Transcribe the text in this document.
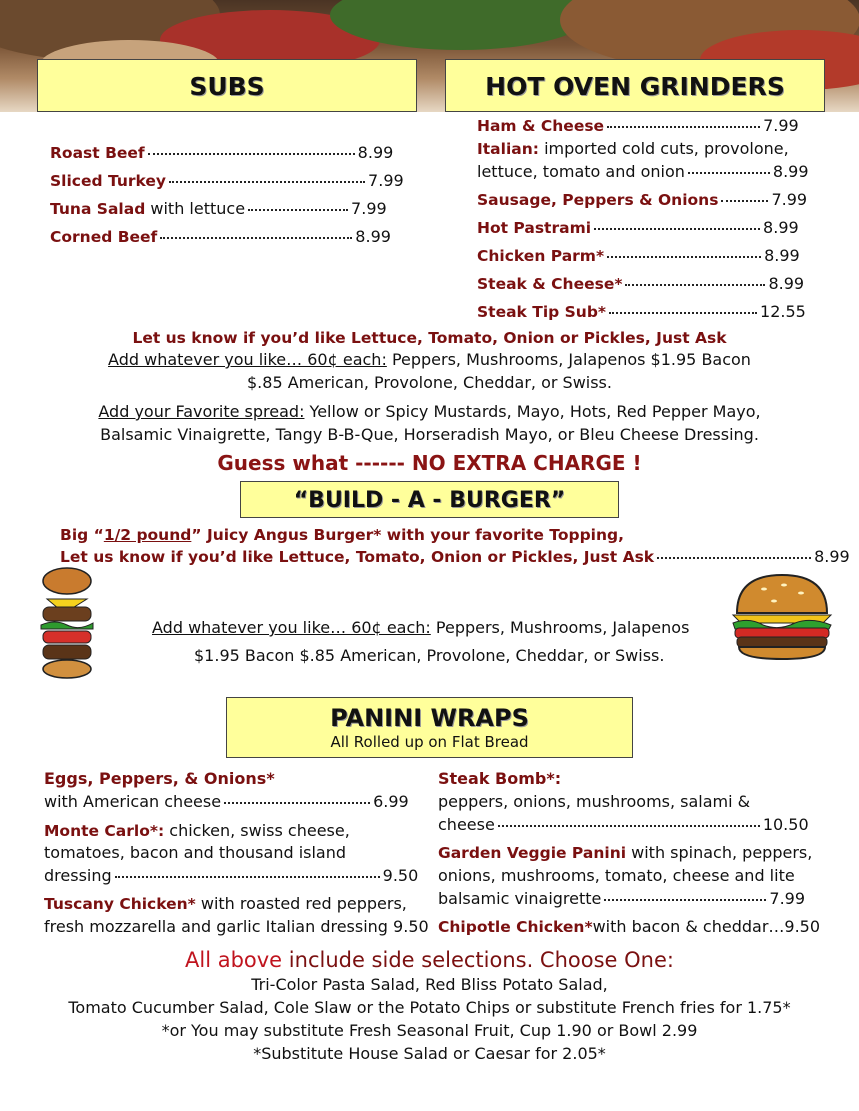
SUBS	HOT OVEN GRINDERS
Roast Beef	8.99
Sliced Turkey	7.99
Tuna Salad with lettuce	7.99
Corned Beef	8.99
Ham & Cheese	7.99
Italian: imported cold cuts, provolone,
lettuce, tomato and onion	8.99
Sausage, Peppers & Onions	7.99
Hot Pastrami	8.99
Chicken Parm*	8.99
Steak & Cheese*	8.99
Steak Tip Sub*	12.55
Let us know if you’d like Lettuce, Tomato, Onion or Pickles, Just Ask
Add whatever you like… 60¢ each: Peppers, Mushrooms, Jalapenos $1.95 Bacon
$.85 American, Provolone, Cheddar, or Swiss.
Add your Favorite spread: Yellow or Spicy Mustards, Mayo, Hots, Red Pepper Mayo,
Balsamic Vinaigrette, Tangy B-B-Que, Horseradish Mayo, or Bleu Cheese Dressing.
Guess what ------ NO EXTRA CHARGE !
“BUILD - A - BURGER”
Big “1/2 pound” Juicy Angus Burger* with your favorite Topping,
Let us know if you’d like Lettuce, Tomato, Onion or Pickles, Just Ask	8.99
Add whatever you like… 60¢ each: Peppers, Mushrooms, Jalapenos
$1.95 Bacon $.85 American, Provolone, Cheddar, or Swiss.
PANINI WRAPS
All Rolled up on Flat Bread
Eggs, Peppers, & Onions*
with American cheese	6.99
Monte Carlo*: chicken, swiss cheese,
tomatoes, bacon and thousand island
dressing	9.50
Tuscany Chicken* with roasted red peppers,
fresh mozzarella and garlic Italian dressing 9.50
Steak Bomb*:
peppers, onions, mushrooms, salami &
cheese	10.50
Garden Veggie Panini with spinach, peppers,
onions, mushrooms, tomato, cheese and lite
balsamic vinaigrette	7.99
Chipotle Chicken*with bacon & cheddar…9.50
All above include side selections. Choose One:
Tri-Color Pasta Salad, Red Bliss Potato Salad,
Tomato Cucumber Salad, Cole Slaw or the Potato Chips or substitute French fries for 1.75*
*or You may substitute Fresh Seasonal Fruit, Cup 1.90 or Bowl 2.99
*Substitute House Salad or Caesar for 2.05*
